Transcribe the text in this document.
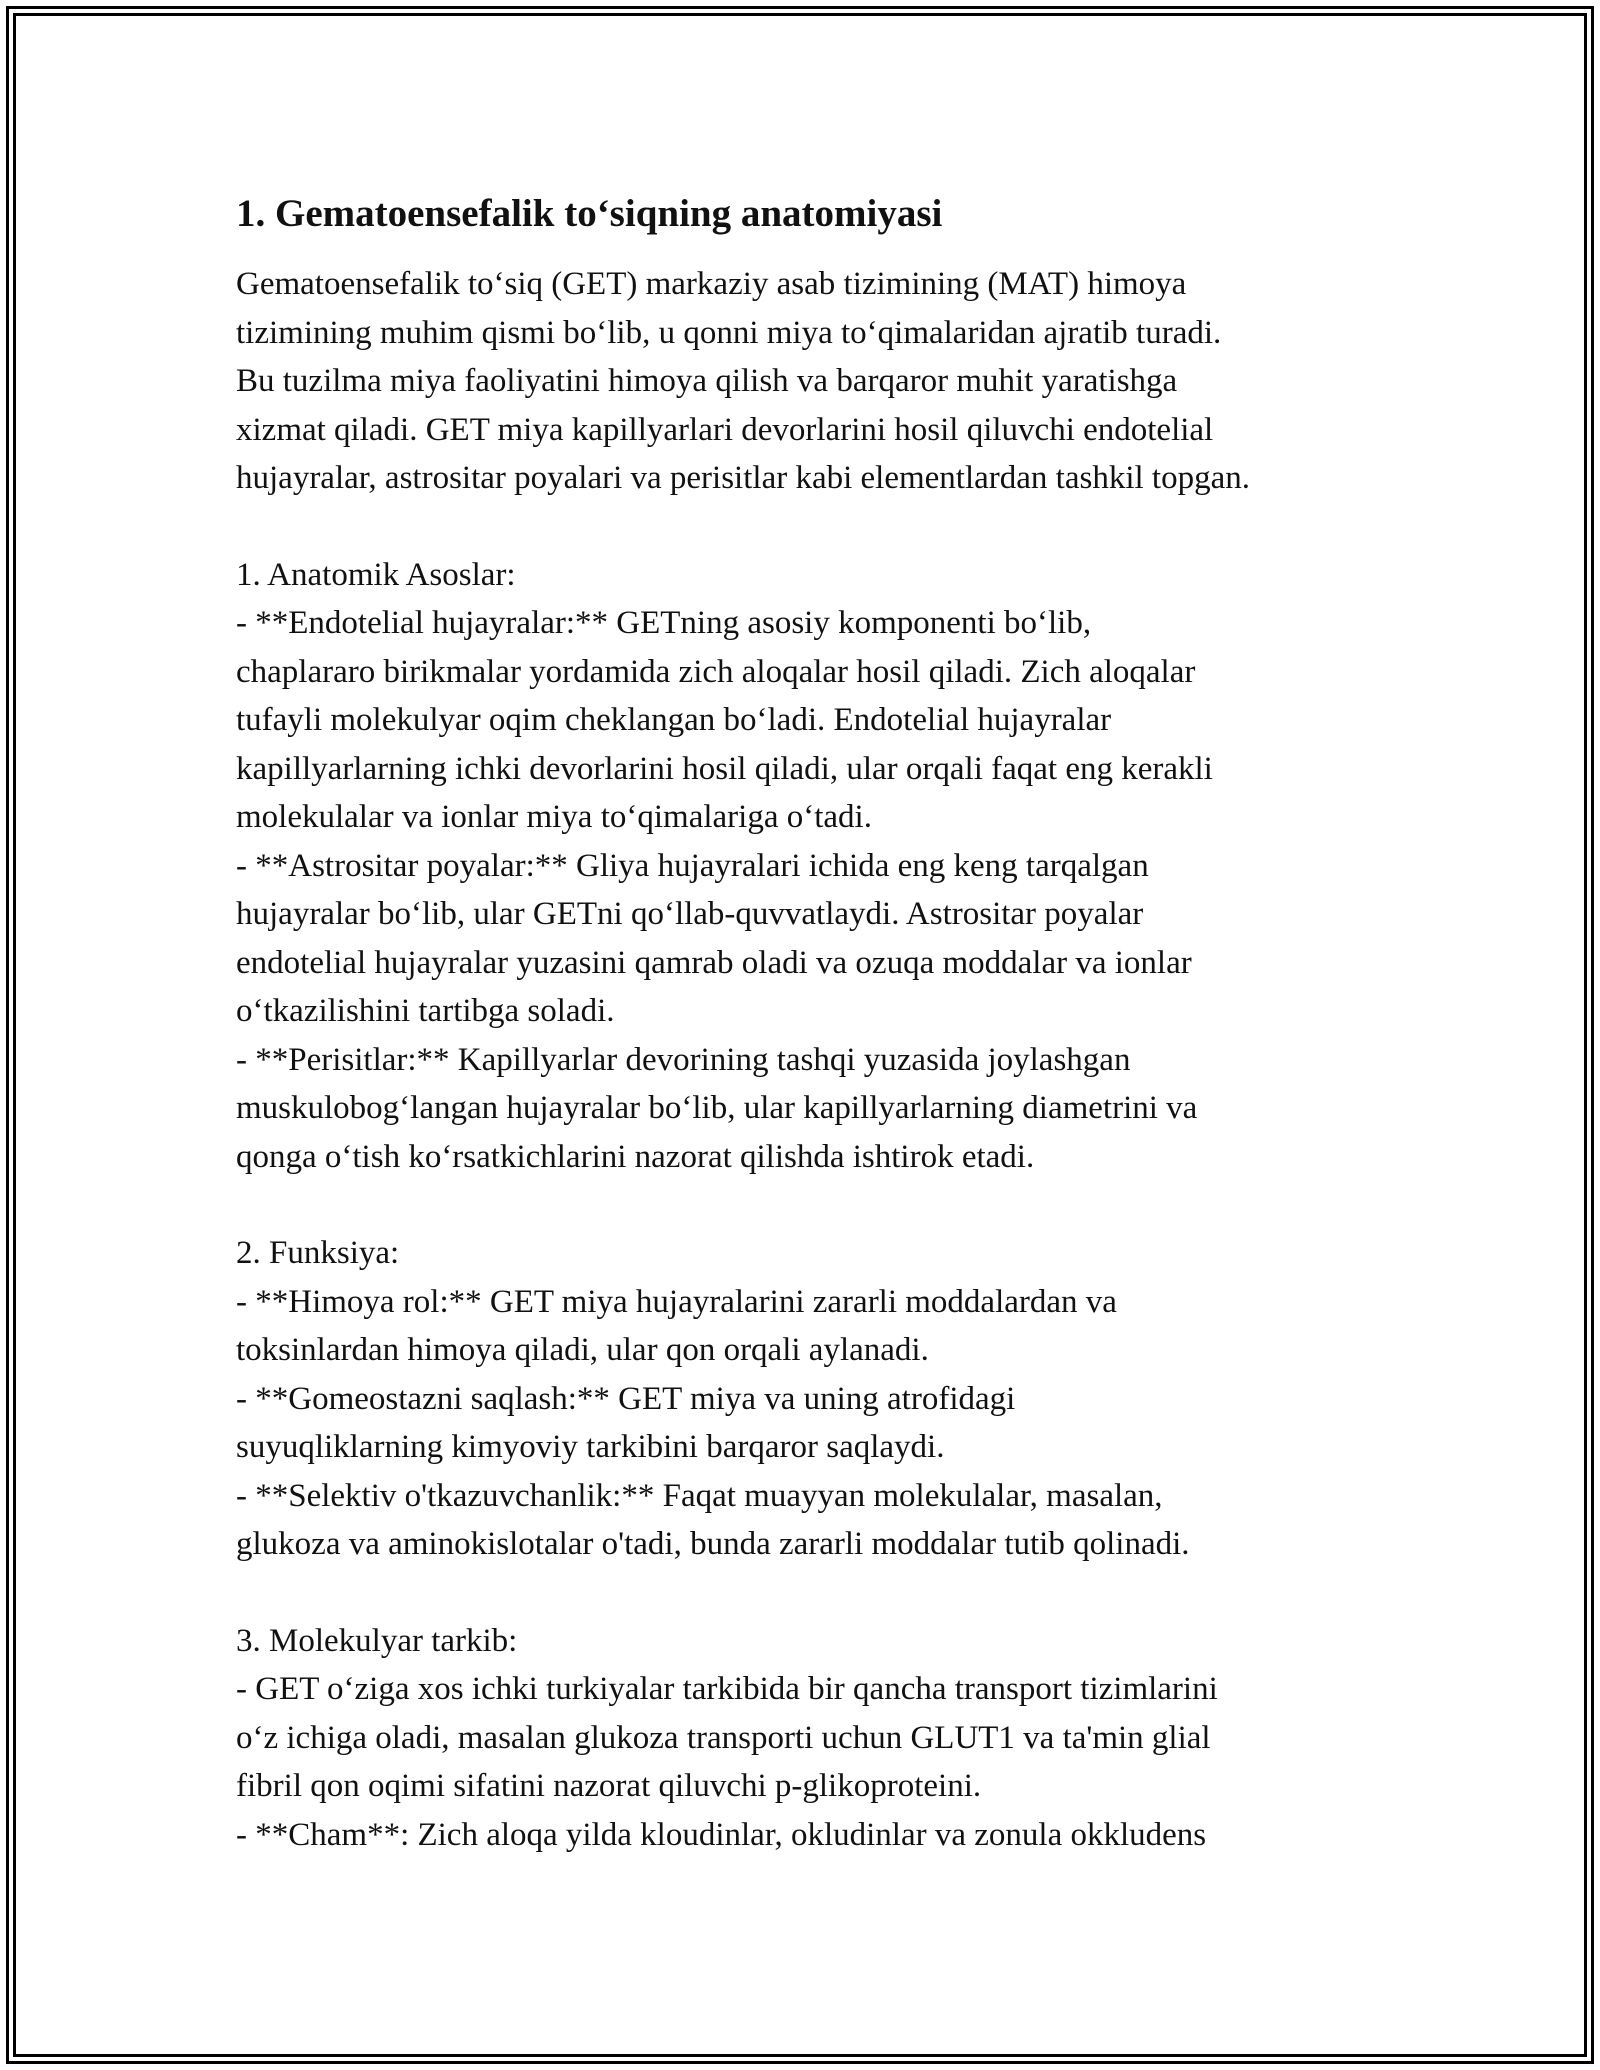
1. Gematoensefalik to‘siqning anatomiyasi

Gematoensefalik to‘siq (GET) markaziy asab tizimining (MAT) himoya
tizimining muhim qismi bo‘lib, u qonni miya to‘qimalaridan ajratib turadi.
Bu tuzilma miya faoliyatini himoya qilish va barqaror muhit yaratishga
xizmat qiladi. GET miya kapillyarlari devorlarini hosil qiluvchi endotelial
hujayralar, astrositar poyalari va perisitlar kabi elementlardan tashkil topgan.

1. Anatomik Asoslar:
- **Endotelial hujayralar:** GETning asosiy komponenti bo‘lib,
chaplararo birikmalar yordamida zich aloqalar hosil qiladi. Zich aloqalar
tufayli molekulyar oqim cheklangan bo‘ladi. Endotelial hujayralar
kapillyarlarning ichki devorlarini hosil qiladi, ular orqali faqat eng kerakli
molekulalar va ionlar miya to‘qimalariga o‘tadi.
- **Astrositar poyalar:** Gliya hujayralari ichida eng keng tarqalgan
hujayralar bo‘lib, ular GETni qo‘llab-quvvatlaydi. Astrositar poyalar
endotelial hujayralar yuzasini qamrab oladi va ozuqa moddalar va ionlar
o‘tkazilishini tartibga soladi.
- **Perisitlar:** Kapillyarlar devorining tashqi yuzasida joylashgan
muskulobog‘langan hujayralar bo‘lib, ular kapillyarlarning diametrini va
qonga o‘tish ko‘rsatkichlarini nazorat qilishda ishtirok etadi.

2. Funksiya:
- **Himoya rol:** GET miya hujayralarini zararli moddalardan va
toksinlardan himoya qiladi, ular qon orqali aylanadi.
- **Gomeostazni saqlash:** GET miya va uning atrofidagi
suyuqliklarning kimyoviy tarkibini barqaror saqlaydi.
- **Selektiv o'tkazuvchanlik:** Faqat muayyan molekulalar, masalan,
glukoza va aminokislotalar o'tadi, bunda zararli moddalar tutib qolinadi.

3. Molekulyar tarkib:
- GET o‘ziga xos ichki turkiyalar tarkibida bir qancha transport tizimlarini
o‘z ichiga oladi, masalan glukoza transporti uchun GLUT1 va ta'min glial
fibril qon oqimi sifatini nazorat qiluvchi p-glikoproteini.
- **Cham**: Zich aloqa yilda kloudinlar, okludinlar va zonula okkludens
